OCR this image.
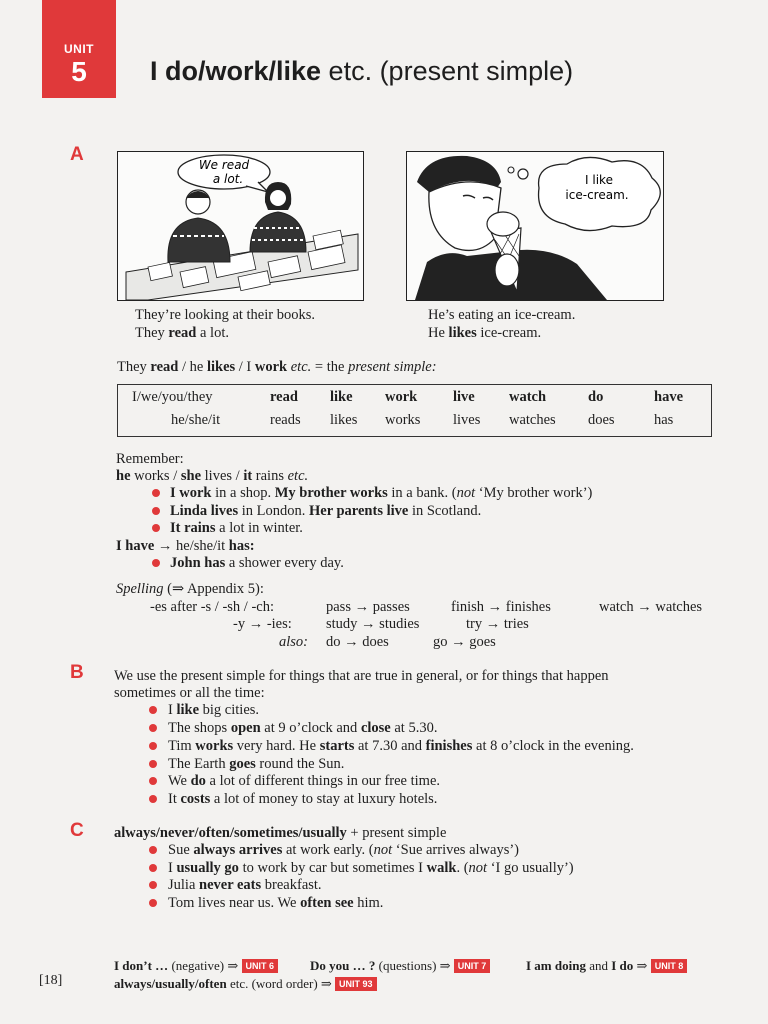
UNIT
5	I do/work/like etc. (present simple)
A	We read
a lot.
They’re looking at their books.
They read a lot.
I like
ice-cream.
He’s eating an ice-cream.
He likes ice-cream.
They read / he likes / I work etc. = the present simple:
I/we/you/they	read like work live watch	do	have
he/she/it	reads likes works lives watches does	has
Remember:
he works / she lives / it rains etc.
I work in a shop. My brother works in a bank. (not ‘My brother work’)
Linda lives in London. Her parents live in Scotland.
It rains a lot in winter.
I have → he/she/it has:
John has a shower every day.
Spelling (⇒ Appendix 5):
-es after -s / -sh / -ch:	pass → passes	finish → finishes	watch → watches
-y → -ies: study → studies	try → tries
also: do → does	go → goes
B We use the present simple for things that are true in general, or for things that happen
sometimes or all the time:
I like big cities.
The shops open at 9 o’clock and close at 5.30.
Tim works very hard. He starts at 7.30 and finishes at 8 o’clock in the evening.
The Earth goes round the Sun.
We do a lot of different things in our free time.
It costs a lot of money to stay at luxury hotels.
C always/never/often/sometimes/usually + present simple
Sue always arrives at work early. (not ‘Sue arrives always’)
I usually go to work by car but sometimes I walk. (not ‘I go usually’)
Julia never eats breakfast.
Tom lives near us. We often see him.
[18]
I don’t … (negative) ⇒ UNIT 6	Do you … ? (questions) ⇒ UNIT 7	I am doing and I do ⇒ UNIT 8
always/usually/often etc. (word order) ⇒ UNIT 93
